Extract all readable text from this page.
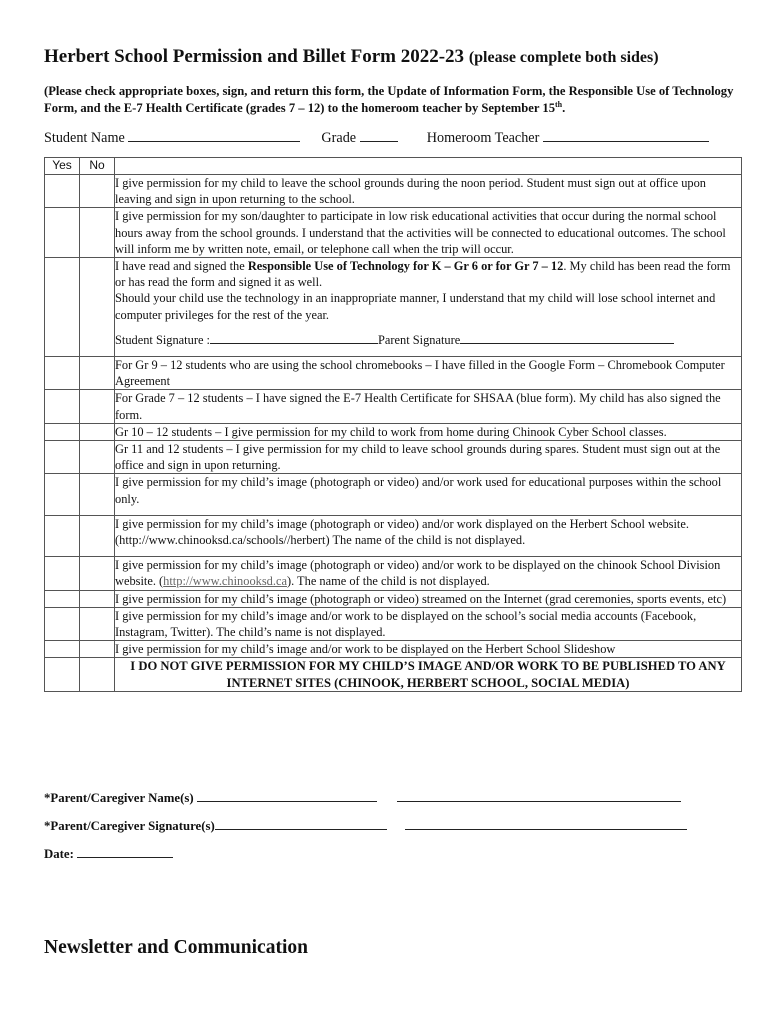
Herbert School Permission and Billet Form 2022-23 (please complete both sides)
(Please check appropriate boxes, sign, and return this form, the Update of Information Form, the Responsible Use of Technology Form, and the E-7 Health Certificate (grades 7 – 12) to the homeroom teacher by September 15th.
Student Name	Grade	Homeroom Teacher
Yes	No	
		I give permission for my child to leave the school grounds during the noon period. Student must sign out at office upon leaving and sign in upon returning to the school.
		I give permission for my son/daughter to participate in low risk educational activities that occur during the normal school hours away from the school grounds. I understand that the activities will be connected to educational outcomes. The school will inform me by written note, email, or telephone call when the trip will occur.
		I have read and signed the Responsible Use of Technology for K – Gr 6 or for Gr 7 – 12. My child has been read the form or has read the form and signed it as well.
Should your child use the technology in an inappropriate manner, I understand that my child will lose school internet and computer privileges for the rest of the year.
Student Signature : Parent Signature

		For Gr 9 – 12 students who are using the school chromebooks – I have filled in the Google Form – Chromebook Computer Agreement
		For Grade 7 – 12 students – I have signed the E-7 Health Certificate for SHSAA (blue form). My child has also signed the form.
		Gr 10 – 12 students – I give permission for my child to work from home during Chinook Cyber School classes.
		Gr 11 and 12 students – I give permission for my child to leave school grounds during spares. Student must sign out at the office and sign in upon returning.
		I give permission for my child’s image (photograph or video) and/or work used for educational purposes within the school only.
		I give permission for my child’s image (photograph or video) and/or work displayed on the Herbert School website. (http://www.chinooksd.ca/schools//herbert) The name of the child is not displayed.
		I give permission for my child’s image (photograph or video) and/or work to be displayed on the chinook School Division website. (http://www.chinooksd.ca). The name of the child is not displayed.
		I give permission for my child’s image (photograph or video) streamed on the Internet (grad ceremonies, sports events, etc)
		I give permission for my child’s image and/or work to be displayed on the school’s social media accounts (Facebook, Instagram, Twitter). The child’s name is not displayed.
		I give permission for my child’s image and/or work to be displayed on the Herbert School Slideshow
		I DO NOT GIVE PERMISSION FOR MY CHILD’S IMAGE AND/OR WORK TO BE PUBLISHED TO ANY INTERNET SITES (CHINOOK, HERBERT SCHOOL, SOCIAL MEDIA)
*Parent/Caregiver Name(s)
*Parent/Caregiver Signature(s)
Date:
Newsletter and Communication
